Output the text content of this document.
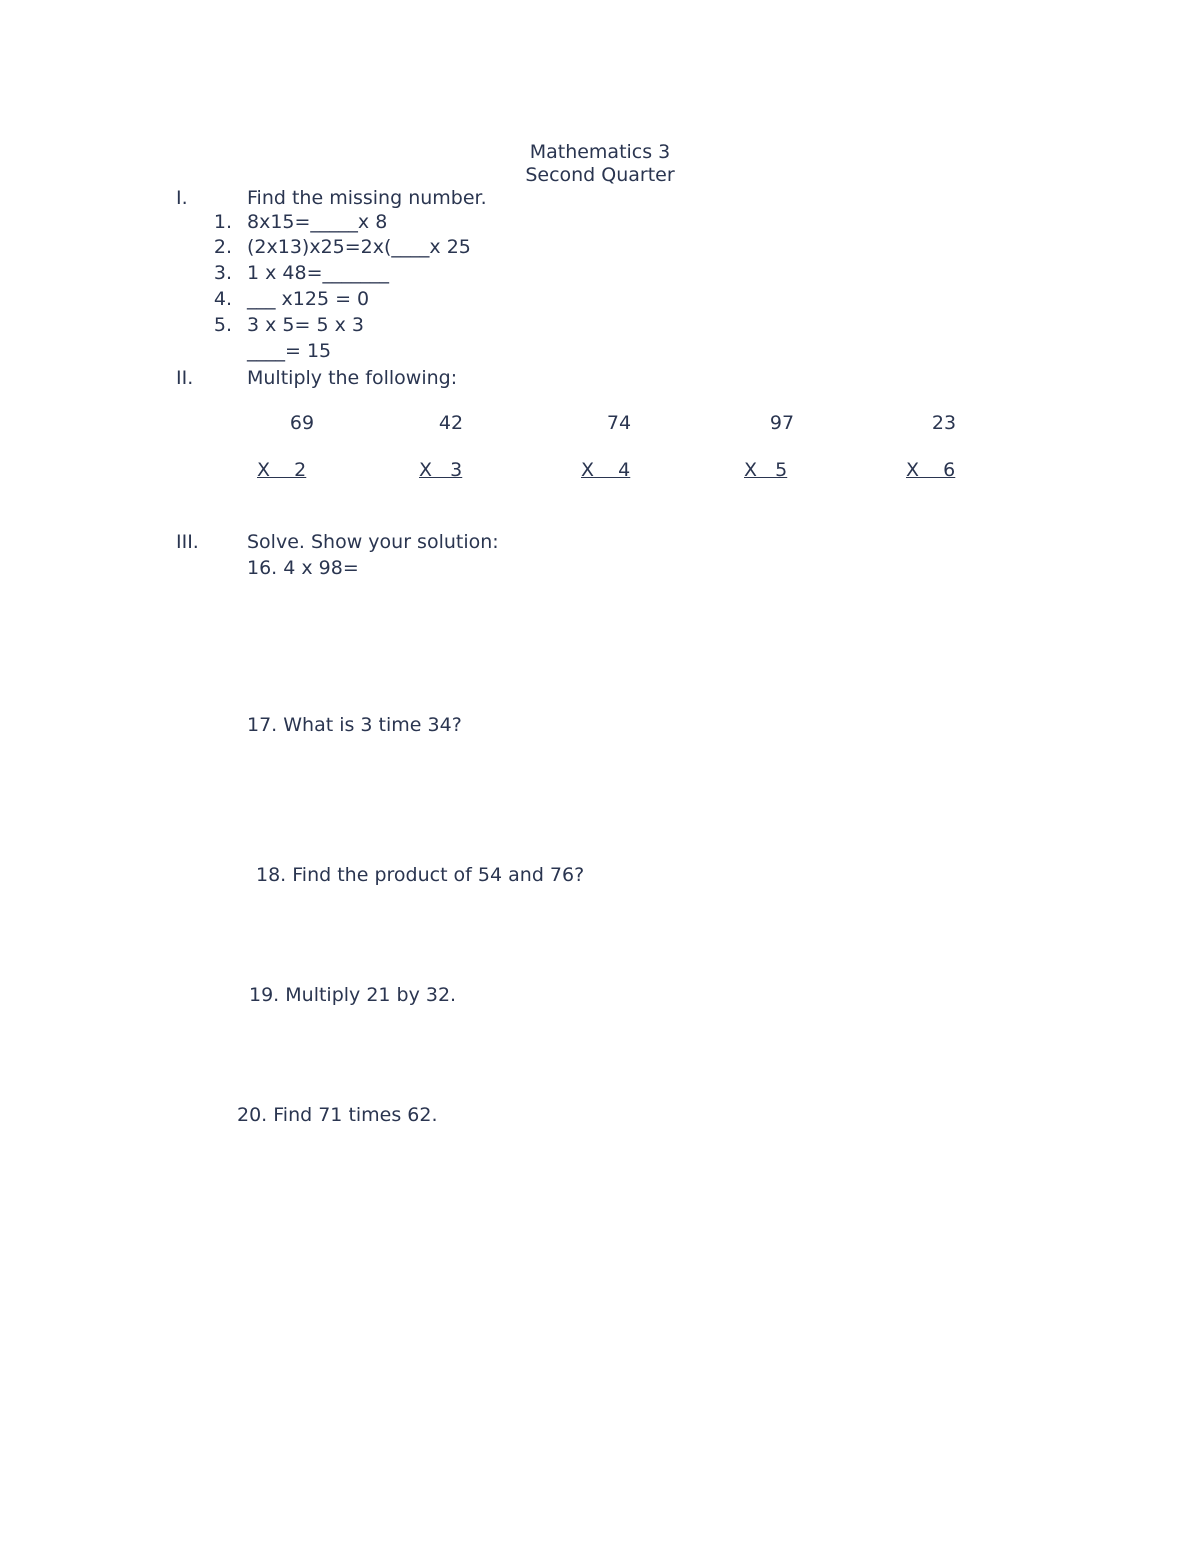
Mathematics 3
Second Quarter
I.	Find the missing number.
1. 8x15=_____x 8
2. (2x13)x25=2x(____x 25
3. 1 x 48=_______
4. ___ x125 = 0
5. 3 x 5= 5 x 3
____= 15
II.	Multiply the following:
69	42	74	97	23
X    2	X   3	X    4	X   5	X    6
III.	Solve. Show your solution:
16. 4 x 98=
17. What is 3 time 34?
18. Find the product of 54 and 76?
19. Multiply 21 by 32.
20. Find 71 times 62.
